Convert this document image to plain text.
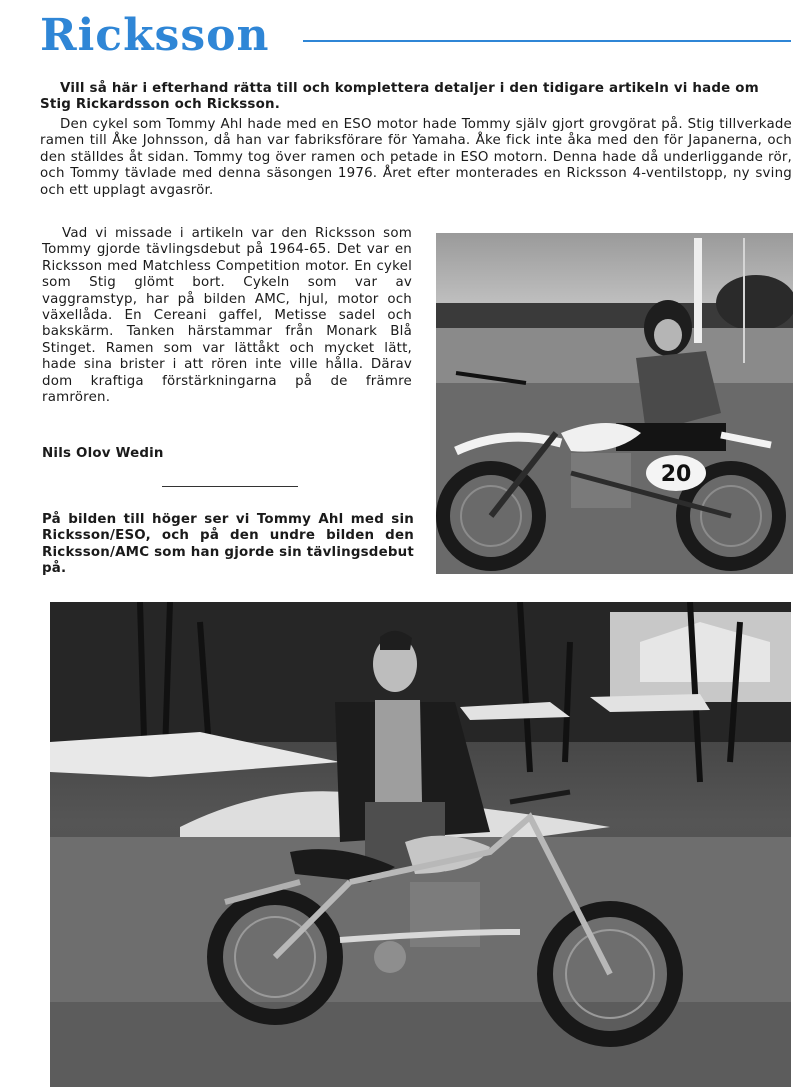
Ricksson

Vill så här i efterhand rätta till och komplettera detaljer i den tidigare artikeln vi hade om Stig Rickardsson och Ricksson.

Den cykel som Tommy Ahl hade med en ESO motor hade Tommy själv gjort grovgörat på. Stig tillverkade ramen till Åke Johnsson, då han var fabriksförare för Yamaha. Åke fick inte åka med den för Japanerna, och den ställdes åt sidan. Tommy tog över ramen och petade in ESO motorn. Denna hade då underliggande rör, och Tommy tävlade med denna säsongen 1976. Året efter monterades en Ricksson 4-ventilstopp, ny sving och ett upplagt avgasrör.

Vad vi missade i artikeln var den Ricksson som Tommy gjorde tävlingsdebut på 1964-65. Det var en Ricksson med Matchless Competition motor. En cykel som Stig glömt bort. Cykeln som var av vaggramstyp, har på bilden AMC, hjul, motor och växellåda. En Cereani gaffel, Metisse sadel och bakskärm. Tanken härstammar från Monark Blå Stinget. Ramen som var lättåkt och mycket lätt, hade sina brister i att rören inte ville hålla. Därav dom kraftiga förstärkningarna på de främre ramrören.

Nils Olov Wedin

På bilden till höger ser vi Tommy Ahl med sin Ricksson/ESO, och på den undre bilden den Ricksson/AMC som han gjorde sin tävlingsdebut på.

20
